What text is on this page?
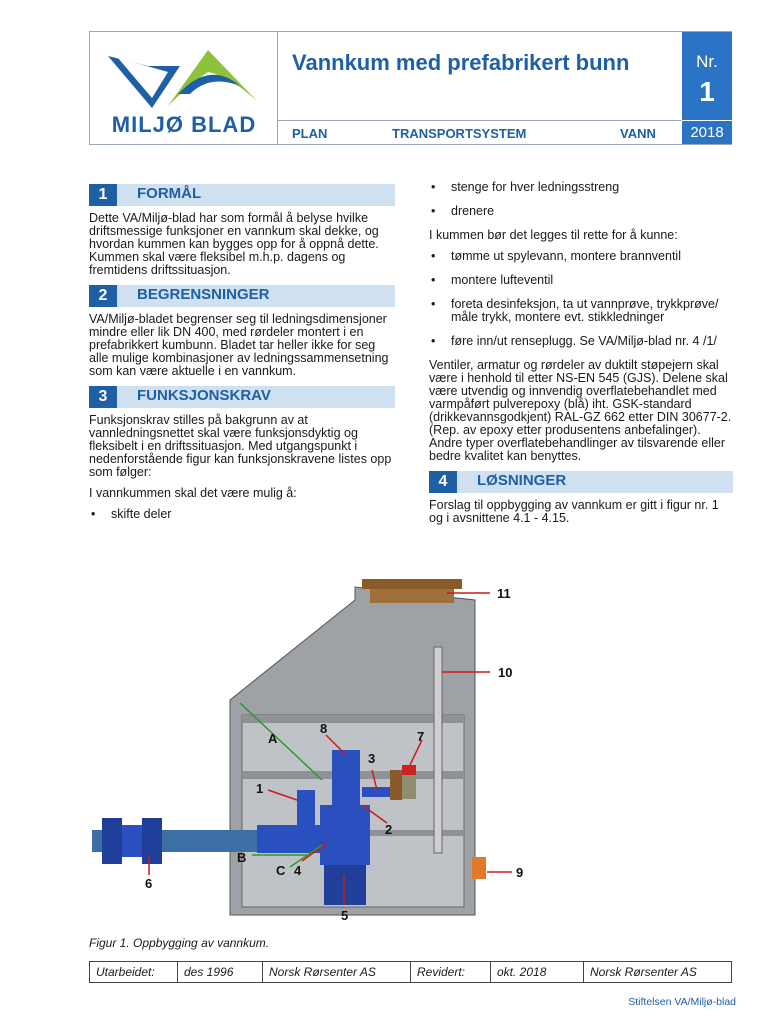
MILJØ BLAD
Vannkum med prefabrikert bunn
PLAN	TRANSPORTSYSTEM	VANN
Nr.
1
2018
1	FORMÅL
Dette VA/Miljø-blad har som formål å belyse hvilke driftsmessige funksjoner en vannkum skal dekke, og hvordan kummen kan bygges opp for å oppnå dette. Kummen skal være fleksibel m.h.p. dagens og fremtidens driftssituasjon.
2	BEGRENSNINGER
VA/Miljø-bladet begrenser seg til ledningsdimensjoner mindre eller lik DN 400, med rørdeler montert i en prefabrikkert kumbunn. Bladet tar heller ikke for seg alle mulige kombinasjoner av ledningssammensetning som kan være aktuelle i en vannkum.
3	FUNKSJONSKRAV
Funksjonskrav stilles på bakgrunn av at vannledningsnettet skal være funksjonsdyktig og fleksibelt i en driftssituasjon. Med utgangspunkt i nedenforstående figur kan funksjonskravene listes opp som følger:
I vannkummen skal det være mulig å:
• skifte deler
• stenge for hver ledningsstreng
• drenere
I kummen bør det legges til rette for å kunne:
• tømme ut spylevann, montere brannventil
• montere lufteventil
• foreta desinfeksjon, ta ut vannprøve, trykkprøve/ måle trykk, montere evt. stikkledninger
• føre inn/ut renseplugg. Se VA/Miljø-blad nr. 4 /1/
Ventiler, armatur og rørdeler av duktilt støpejern skal være i henhold til etter NS-EN 545 (GJS). Delene skal være utvendig og innvendig overflatebehandlet med varmpåført pulverepoxy (blå) iht. GSK-standard (drikkevannsgodkjent) RAL-GZ 662 etter DIN 30677-2. (Rep. av epoxy etter produsentens anbefalinger). Andre typer overflatebehandlinger av tilsvarende eller bedre kvalitet kan benyttes.
4	LØSNINGER
Forslag til oppbygging av vannkum er gitt i figur nr. 1 og i avsnittene 4.1 - 4.15.
11
10
8
7
3
A
1
2
B
C 4	9
6
5
Figur 1. Oppbygging av vannkum.
Utarbeidet:	des 1996	Norsk Rørsenter AS	Revidert:	okt. 2018	Norsk Rørsenter AS
Stiftelsen VA/Miljø-blad
